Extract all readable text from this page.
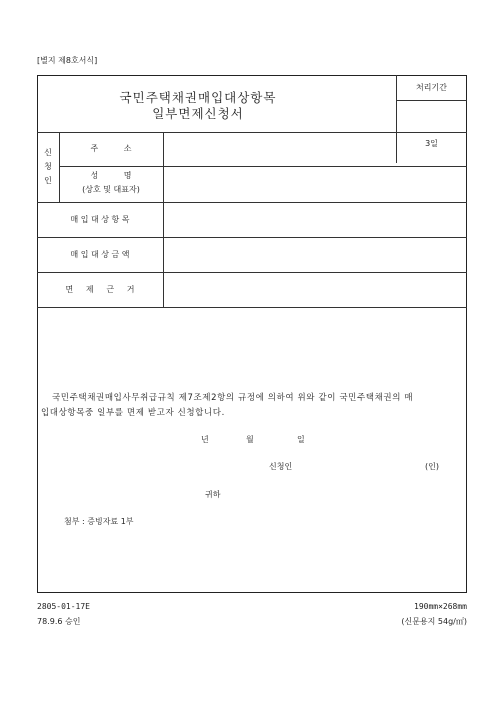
[별지 제8호서식]
국민주택채권매입대상항목
일부면제신청서
처리기간
3일
신
청
인
주          소
성          명
(상호 및 대표자)
매 입 대 상 항 목
매 입 대 상 금 액
면     제     근     거
국민주택채권매입사무취급규칙 제7조제2항의 규정에 의하여 위와 같이 국민주택채권의 매
입대상항목중 일부를 면제 받고자 신청합니다.
년	월	일
신청인	(인)
귀하
첨부 : 증빙자료 1부
2805-01-17E	190mm×268mm
78.9.6 승인	(신문용지 54g/㎡)
